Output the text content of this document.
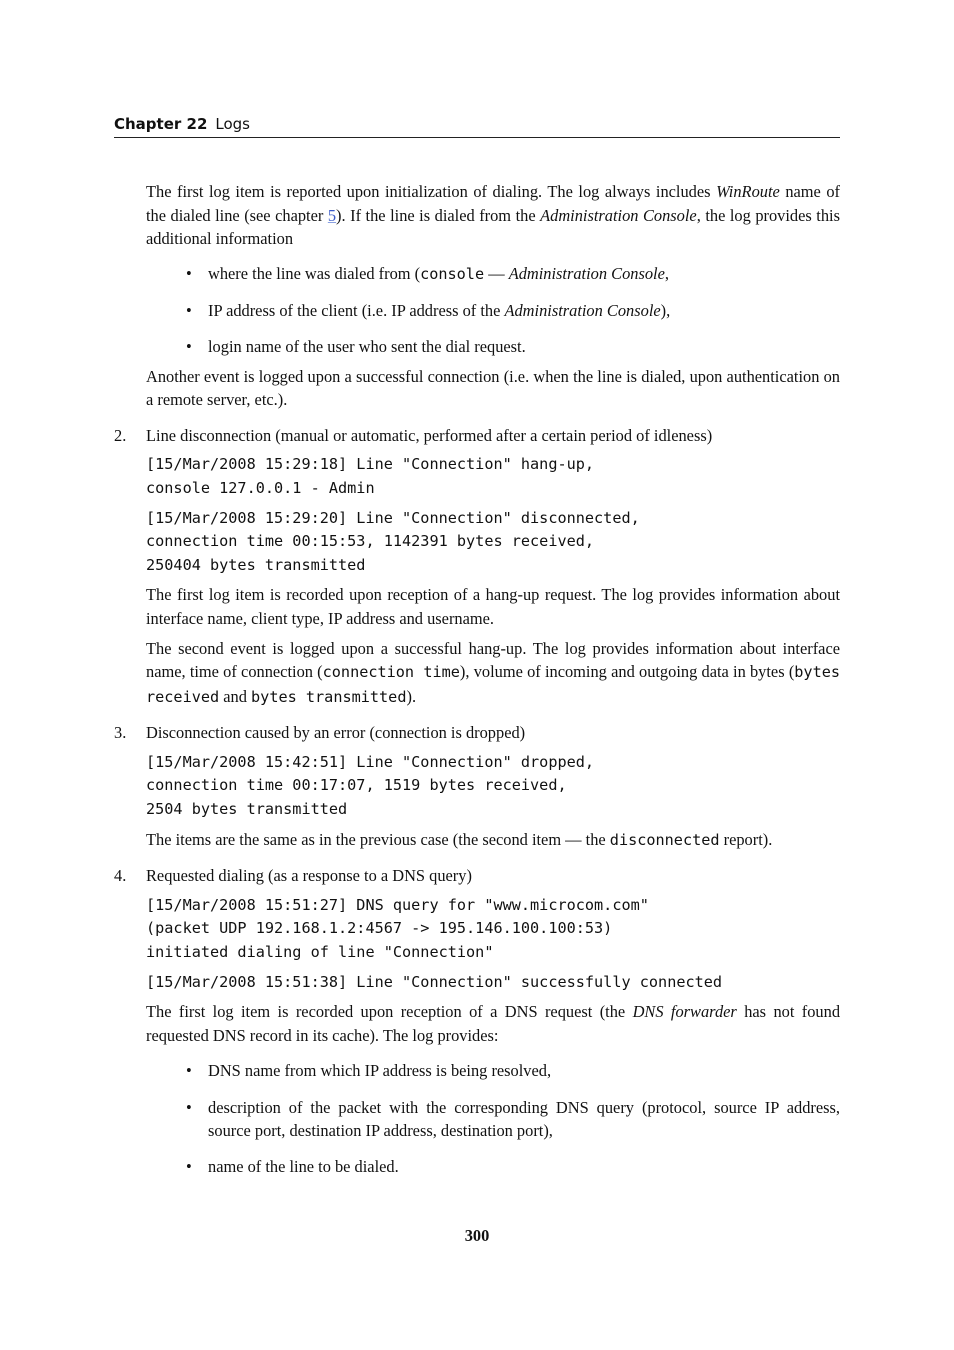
Chapter 22 Logs

The first log item is reported upon initialization of dialing. The log always includes WinRoute name of the dialed line (see chapter 5). If the line is dialed from the Administration Console, the log provides this additional information

• where the line was dialed from (console — Administration Console,
• IP address of the client (i.e. IP address of the Administration Console),
• login name of the user who sent the dial request.

Another event is logged upon a successful connection (i.e. when the line is dialed, upon authentication on a remote server, etc.).

2. Line disconnection (manual or automatic, performed after a certain period of idleness)

[15/Mar/2008 15:29:18] Line "Connection" hang-up,
console 127.0.0.1 - Admin
[15/Mar/2008 15:29:20] Line "Connection" disconnected,
connection time 00:15:53, 1142391 bytes received,
250404 bytes transmitted

The first log item is recorded upon reception of a hang-up request. The log provides information about interface name, client type, IP address and username.

The second event is logged upon a successful hang-up. The log provides information about interface name, time of connection (connection time), volume of incoming and outgoing data in bytes (bytes received and bytes transmitted).

3. Disconnection caused by an error (connection is dropped)

[15/Mar/2008 15:42:51] Line "Connection" dropped,
connection time 00:17:07, 1519 bytes received,
2504 bytes transmitted

The items are the same as in the previous case (the second item — the disconnected report).

4. Requested dialing (as a response to a DNS query)

[15/Mar/2008 15:51:27] DNS query for "www.microcom.com"
(packet UDP 192.168.1.2:4567 -> 195.146.100.100:53)
initiated dialing of line "Connection"
[15/Mar/2008 15:51:38] Line "Connection" successfully connected

The first log item is recorded upon reception of a DNS request (the DNS forwarder has not found requested DNS record in its cache). The log provides:

• DNS name from which IP address is being resolved,
• description of the packet with the corresponding DNS query (protocol, source IP address, source port, destination IP address, destination port),
• name of the line to be dialed.
300
